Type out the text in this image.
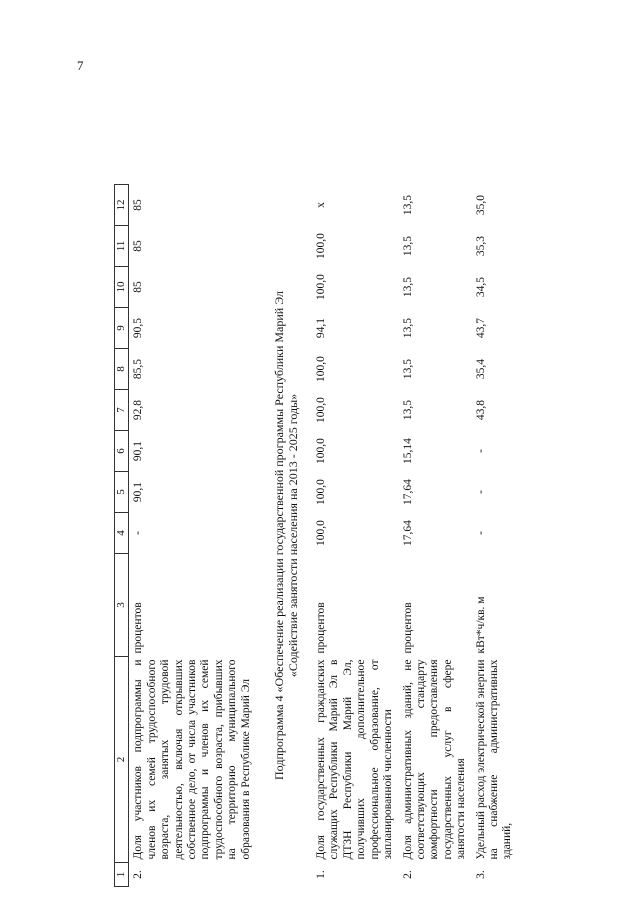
7
1	2	3	4	5	6	7	8	9	10	11	12
2.	Доля участников подпрограммы и членов их семей трудоспособного возраста, занятых трудовой деятельностью, включая открывших собственное дело, от числа участников подпрограммы и членов их семей трудоспособного возраста, прибывших на территорию муниципального образования в Республике Марий Эл	процентов	-	90,1	90,1	92,8	85,5	90,5	85	85	85

Подпрограмма 4 «Обеспечение реализации государственной программы Республики Марий Эл «Содействие занятости населения на 2013 - 2025 годы»											

1.	Доля государственных гражданских служащих Республики Марий Эл в ДТЗН Республики Марий Эл, получивших дополнительное профессиональное образование, от запланированной численности	процентов	100,0	100,0	100,0	100,0	100,0	94,1	100,0	100,0	х
2.	Доля административных зданий, не соответствующих стандарту комфортности предоставления государственных услуг в сфере занятости населения	процентов	17,64	17,64	15,14	13,5	13,5	13,5	13,5	13,5	13,5
3.	Удельный расход электрической энергии на снабжение административных зданий,	кВт*ч/кв. м	-	-	-	43,8	35,4	43,7	34,5	35,3	35,0
